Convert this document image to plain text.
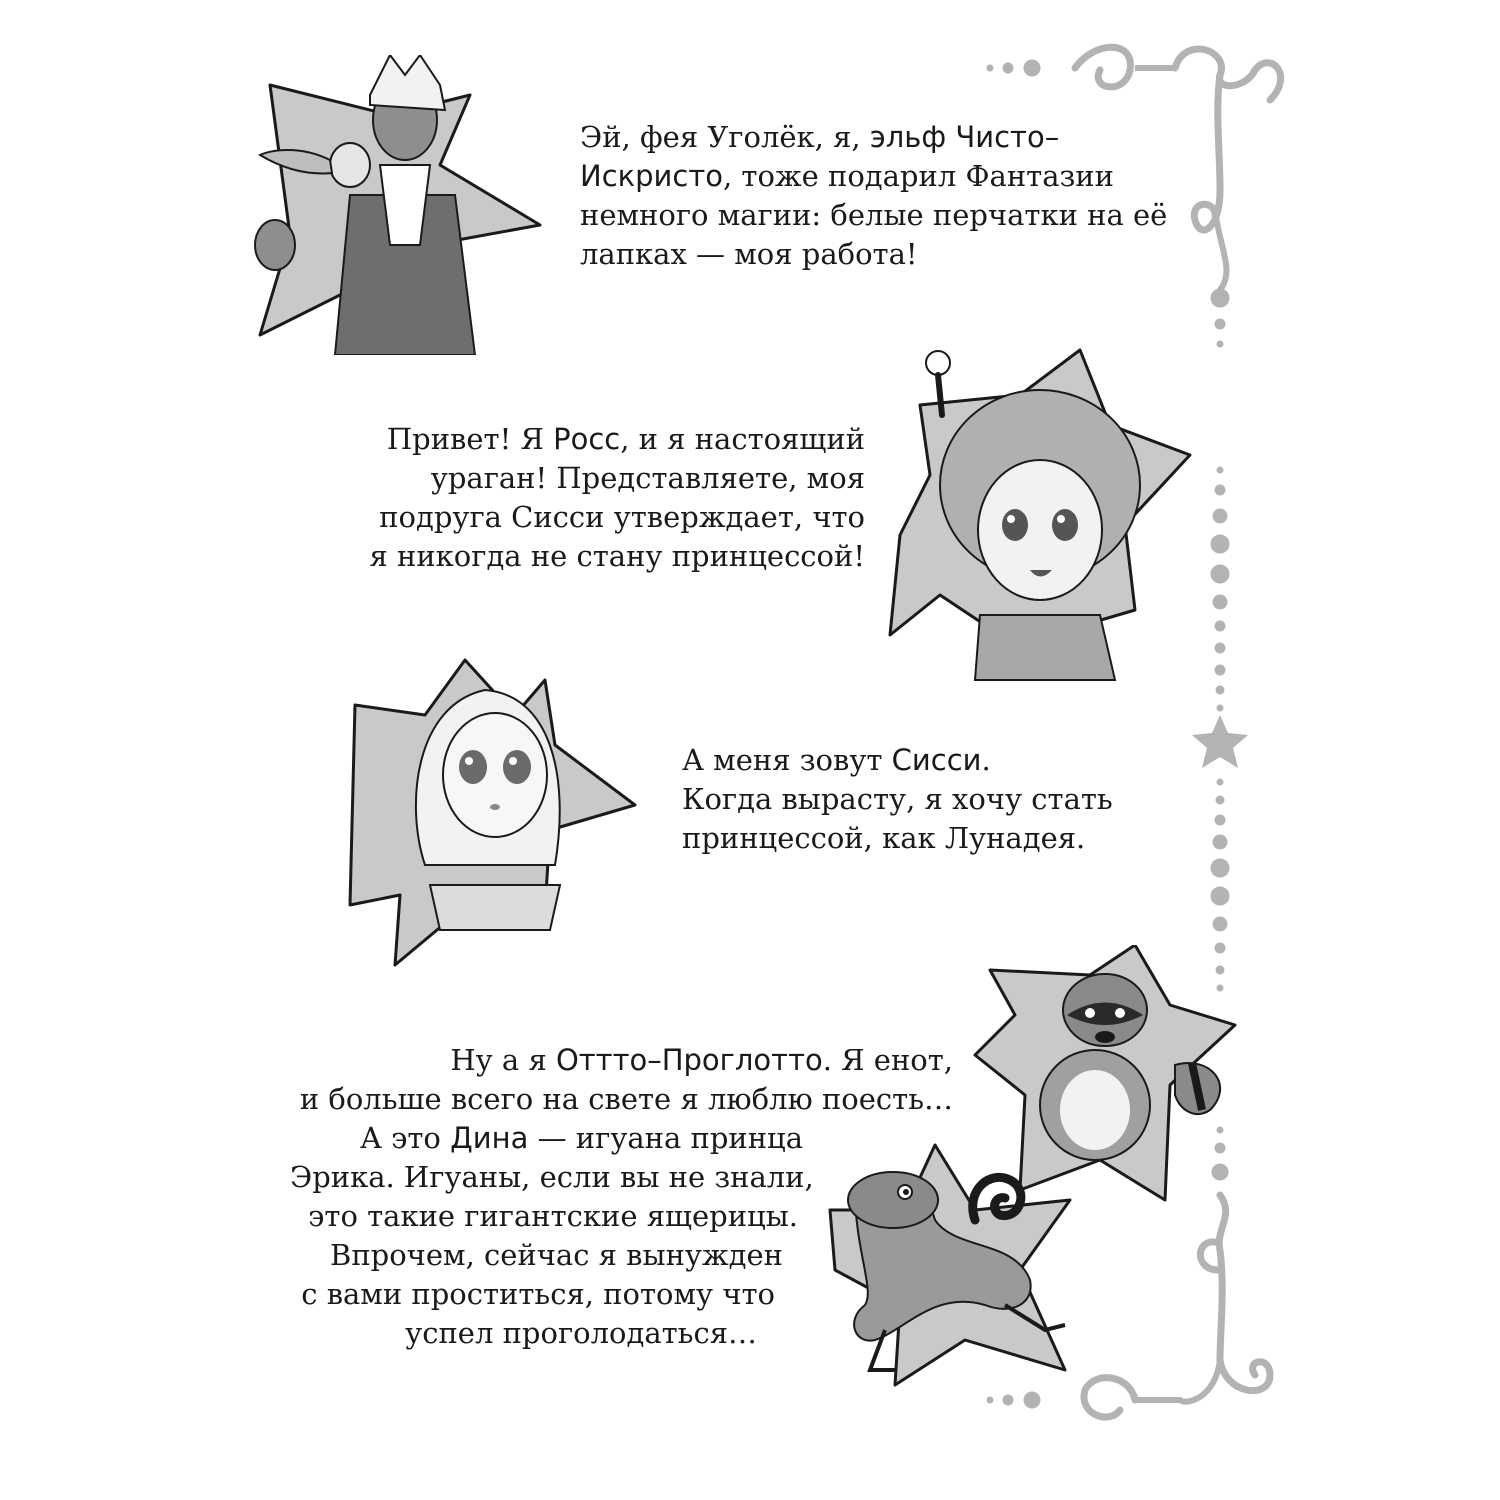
Эй, фея Уголёк, я, эльф Чисто–
Искристо, тоже подарил Фантазии
немного магии: белые перчатки на её
лапках — моя работа!
Привет! Я Росс, и я настоящий
ураган! Представляете, моя
подруга Сисси утверждает, что
я никогда не стану принцессой!
А меня зовут Сисси.
Когда вырасту, я хочу стать
принцессой, как Лунадея.
Ну а я Оттто–Проглотто. Я енот,
и больше всего на свете я люблю поесть…
А это Дина — игуана принца
Эрика. Игуаны, если вы не знали,
это такие гигантские ящерицы.
Впрочем, сейчас я вынужден
с вами проститься, потому что
успел проголодаться…
